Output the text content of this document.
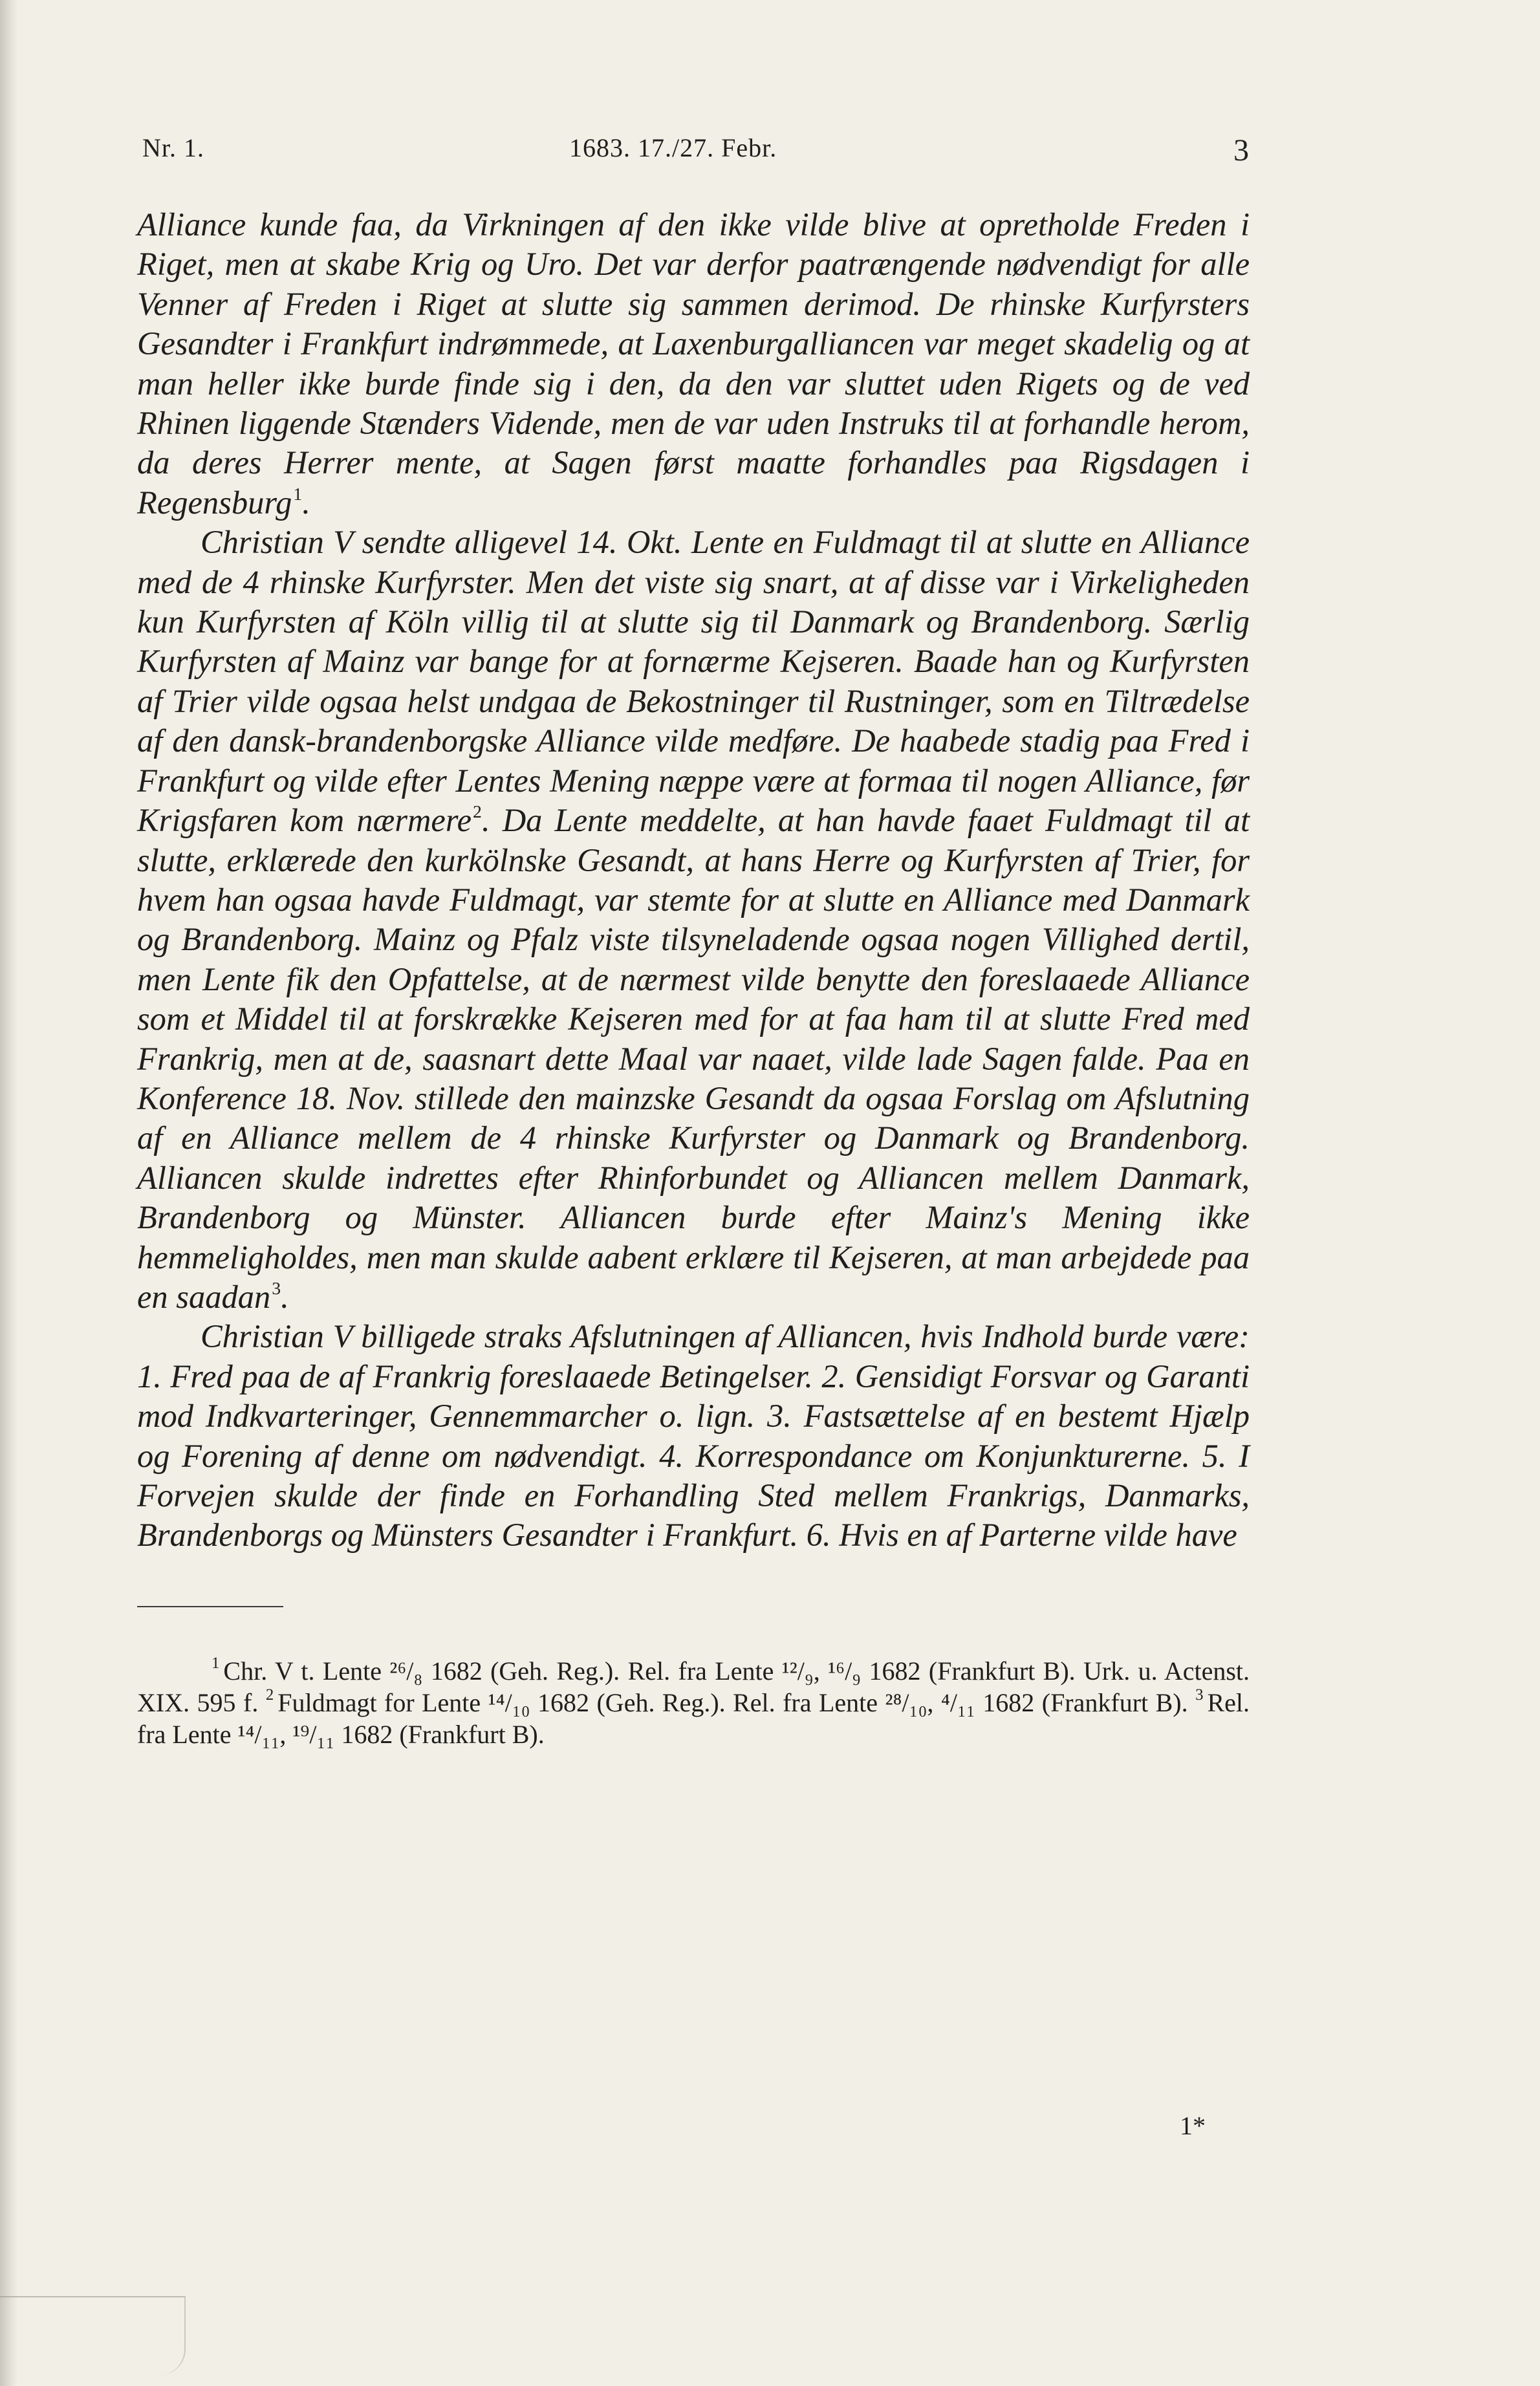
Nr. 1.	1683. 17./27. Febr.	3

Alliance kunde faa, da Virkningen af den ikke vilde blive at opretholde Freden i Riget, men at skabe Krig og Uro. Det var derfor paatrængende nødvendigt for alle Venner af Freden i Riget at slutte sig sammen derimod. De rhinske Kurfyrsters Gesandter i Frankfurt indrømmede, at Laxenburgalliancen var meget skadelig og at man heller ikke burde finde sig i den, da den var sluttet uden Rigets og de ved Rhinen liggende Stænders Vidende, men de var uden Instruks til at forhandle herom, da deres Herrer mente, at Sagen først maatte forhandles paa Rigsdagen i Regensburg$^1$.

Christian V sendte alligevel 14. Okt. Lente en Fuldmagt til at slutte en Alliance med de 4 rhinske Kurfyrster. Men det viste sig snart, at af disse var i Virkeligheden kun Kurfyrsten af Köln villig til at slutte sig til Danmark og Brandenborg. Særlig Kurfyrsten af Mainz var bange for at fornærme Kejseren. Baade han og Kurfyrsten af Trier vilde ogsaa helst undgaa de Bekostninger til Rustninger, som en Tiltrædelse af den dansk-brandenborgske Alliance vilde medføre. De haabede stadig paa Fred i Frankfurt og vilde efter Lentes Mening næppe være at formaa til nogen Alliance, før Krigsfaren kom nærmere$^2$. Da Lente meddelte, at han havde faaet Fuldmagt til at slutte, erklærede den kurkölnske Gesandt, at hans Herre og Kurfyrsten af Trier, for hvem han ogsaa havde Fuldmagt, var stemte for at slutte en Alliance med Danmark og Brandenborg. Mainz og Pfalz viste tilsyneladende ogsaa nogen Villighed dertil, men Lente fik den Opfattelse, at de nærmest vilde benytte den foreslaaede Alliance som et Middel til at forskrække Kejseren med for at faa ham til at slutte Fred med Frankrig, men at de, saasnart dette Maal var naaet, vilde lade Sagen falde. Paa en Konference 18. Nov. stillede den mainzske Gesandt da ogsaa Forslag om Afslutning af en Alliance mellem de 4 rhinske Kurfyrster og Danmark og Brandenborg. Alliancen skulde indrettes efter Rhinforbundet og Alliancen mellem Danmark, Brandenborg og Münster. Alliancen burde efter Mainz's Mening ikke hemmeligholdes, men man skulde aabent erklære til Kejseren, at man arbejdede paa en saadan$^3$.

Christian V billigede straks Afslutningen af Alliancen, hvis Indhold burde være: 1. Fred paa de af Frankrig foreslaaede Betingelser. 2. Gensidigt Forsvar og Garanti mod Indkvarteringer, Gennemmarcher o. lign. 3. Fastsættelse af en bestemt Hjælp og Forening af denne om nødvendigt. 4. Korrespondance om Konjunkturerne. 5. I Forvejen skulde der finde en Forhandling Sted mellem Frankrigs, Danmarks, Brandenborgs og Münsters Gesandter i Frankfurt. 6. Hvis en af Parterne vilde have

$^1$ Chr. V t. Lente ²⁶/₈ 1682 (Geh. Reg.). Rel. fra Lente ¹²/₉, ¹⁶/₉ 1682 (Frankfurt B). Urk. u. Actenst. XIX. 595 f. $^2$ Fuldmagt for Lente ¹⁴/₁₀ 1682 (Geh. Reg.). Rel. fra Lente ²⁸/₁₀, ⁴/₁₁ 1682 (Frankfurt B). $^3$ Rel. fra Lente ¹⁴/₁₁, ¹⁹/₁₁ 1682 (Frankfurt B).
1*
